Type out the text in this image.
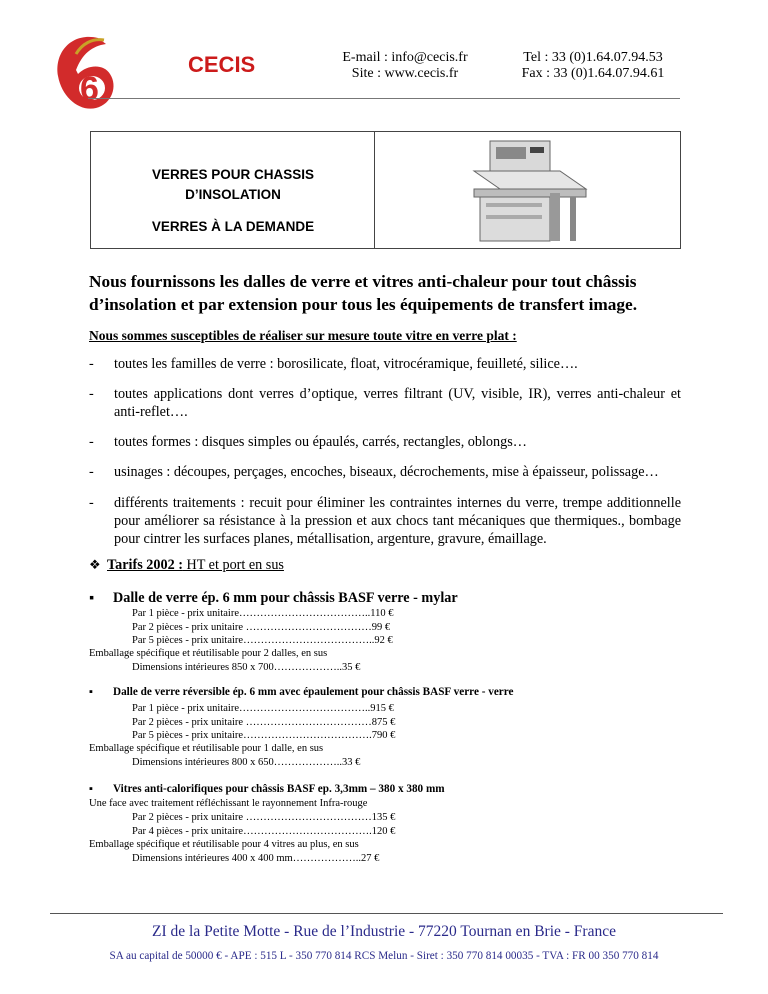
6
CECIS	E-mail : info@cecis.fr
Site : www.cecis.fr
Tel : 33 (0)1.64.07.94.53
Fax : 33 (0)1.64.07.94.61
VERRES POUR CHASSIS
D’INSOLATION
VERRES À LA DEMANDE
Nous fournissons les dalles de verre et vitres anti-chaleur pour tout châssis d’insolation et par extension pour tous les équipements de transfert image.
Nous sommes susceptibles de réaliser sur mesure toute vitre en verre plat :
- toutes les familles de verre : borosilicate, float, vitrocéramique, feuilleté, silice….
- toutes applications dont verres d’optique, verres filtrant (UV, visible, IR), verres anti-chaleur et anti-reflet….
- toutes formes : disques simples ou épaulés, carrés, rectangles, oblongs…
- usinages : découpes, perçages, encoches, biseaux, décrochements, mise à épaisseur, polissage…
- différents traitements : recuit pour éliminer les contraintes internes du verre, trempe additionnelle pour améliorer sa résistance à la pression et aux chocs tant mécaniques que thermiques., bombage pour cintrer les surfaces planes, métallisation, argenture, gravure, émaillage.
❖ Tarifs 2002 : HT et port en sus
▪ Dalle de verre ép. 6 mm pour châssis BASF verre - mylar
Par 1 pièce - prix unitaire………………………………..110 €
Par 2 pièces - prix unitaire ………………………………99 €
Par 5 pièces - prix unitaire………………………………..92 €
Emballage spécifique et réutilisable pour 2 dalles, en sus
Dimensions intérieures 850 x 700………………..35 €
▪ Dalle de verre réversible ép. 6 mm avec épaulement pour châssis BASF verre - verre
Par 1 pièce - prix unitaire………………………………..915 €
Par 2 pièces - prix unitaire ………………………………875 €
Par 5 pièces - prix unitaire……………………………….790 €
Emballage spécifique et réutilisable pour 1 dalle, en sus
Dimensions intérieures 800 x 650………………..33 €
▪ Vitres anti-calorifiques pour châssis BASF ep. 3,3mm – 380 x 380 mm
Une face avec traitement réfléchissant le rayonnement Infra-rouge
Par 2 pièces - prix unitaire ………………………………135 €
Par 4 pièces - prix unitaire……………………………….120 €
Emballage spécifique et réutilisable pour 4 vitres au plus, en sus
Dimensions intérieures 400 x 400 mm………………..27 €
ZI de la Petite Motte - Rue de l’Industrie - 77220 Tournan en Brie - France
SA au capital de 50000 € - APE : 515 L - 350 770 814 RCS Melun - Siret : 350 770 814 00035 - TVA : FR 00 350 770 814
